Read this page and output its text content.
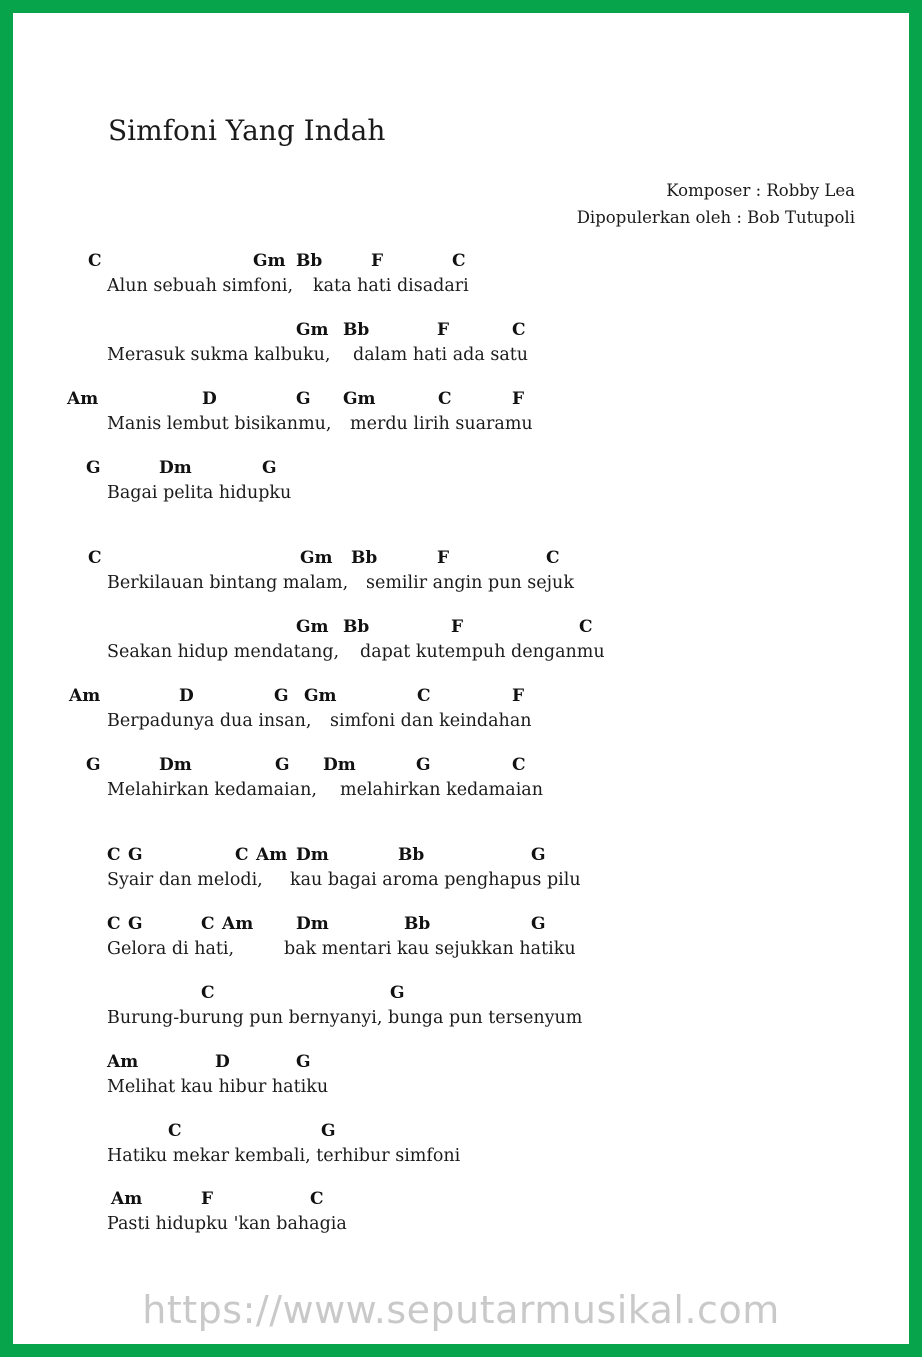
Simfoni Yang Indah
Komposer : Robby Lea
Dipopulerkan oleh : Bob Tutupoli
C	Gm Bb	F	C
Alun sebuah simfoni, kata hati disadari
Gm Bb	F	C
Merasuk sukma kalbuku, dalam hati ada satu
Am	D	G Gm	C	F
Manis lembut bisikanmu, merdu lirih suaramu
G	Dm	G
Bagai pelita hidupku
C	Gm Bb	F	C
Berkilauan bintang malam, semilir angin pun sejuk
Gm Bb	F	C
Seakan hidup mendatang, dapat kutempuh denganmu
Am	D	G Gm	C	F
Berpadunya dua insan, simfoni dan keindahan
G	Dm	G Dm	G	C
Melahirkan kedamaian, melahirkan kedamaian
C G	C Am Dm	Bb	G
Syair dan melodi, kau bagai aroma penghapus pilu
C G	C Am	Dm	Bb	G
Gelora di hati,	bak mentari kau sejukkan hatiku
C	G
Burung-burung pun bernyanyi, bunga pun tersenyum
Am	D	G
Melihat kau hibur hatiku
C	G
Hatiku mekar kembali, terhibur simfoni
Am	F	C
Pasti hidupku 'kan bahagia
https://www.seputarmusikal.com
